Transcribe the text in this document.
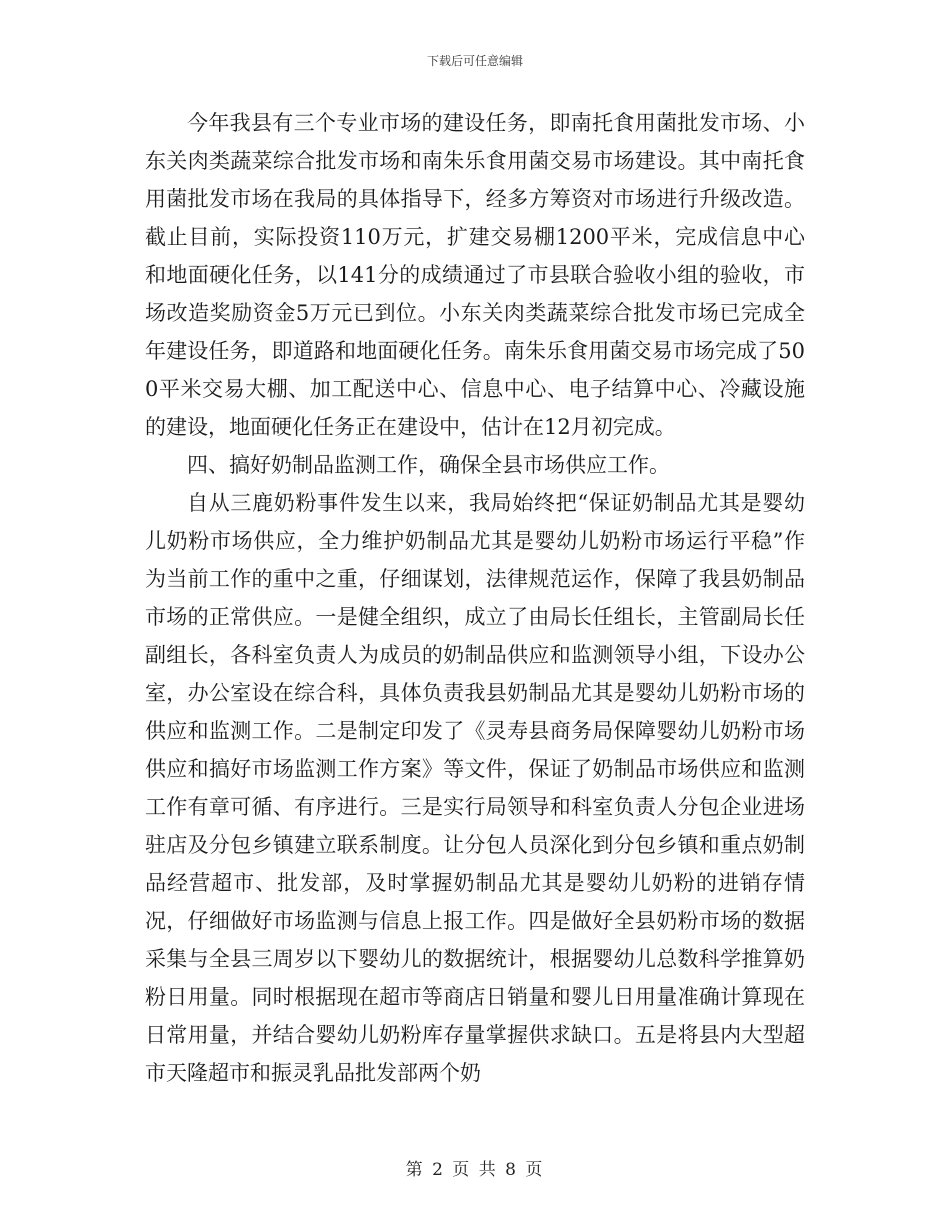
下载后可任意编辑

今年我县有三个专业市场的建设任务，即南托食用菌批发市场、小东关肉类蔬菜综合批发市场和南朱乐食用菌交易市场建设。其中南托食用菌批发市场在我局的具体指导下，经多方筹资对市场进行升级改造。截止目前，实际投资110万元，扩建交易棚1200平米，完成信息中心和地面硬化任务，以141分的成绩通过了市县联合验收小组的验收，市场改造奖励资金5万元已到位。小东关肉类蔬菜综合批发市场已完成全年建设任务，即道路和地面硬化任务。南朱乐食用菌交易市场完成了500平米交易大棚、加工配送中心、信息中心、电子结算中心、冷藏设施的建设，地面硬化任务正在建设中，估计在12月初完成。

四、搞好奶制品监测工作，确保全县市场供应工作。

自从三鹿奶粉事件发生以来，我局始终把“保证奶制品尤其是婴幼儿奶粉市场供应，全力维护奶制品尤其是婴幼儿奶粉市场运行平稳”作为当前工作的重中之重，仔细谋划，法律规范运作，保障了我县奶制品市场的正常供应。一是健全组织，成立了由局长任组长，主管副局长任副组长，各科室负责人为成员的奶制品供应和监测领导小组，下设办公室，办公室设在综合科，具体负责我县奶制品尤其是婴幼儿奶粉市场的供应和监测工作。二是制定印发了《灵寿县商务局保障婴幼儿奶粉市场供应和搞好市场监测工作方案》等文件，保证了奶制品市场供应和监测工作有章可循、有序进行。三是实行局领导和科室负责人分包企业进场驻店及分包乡镇建立联系制度。让分包人员深化到分包乡镇和重点奶制品经营超市、批发部，及时掌握奶制品尤其是婴幼儿奶粉的进销存情况，仔细做好市场监测与信息上报工作。四是做好全县奶粉市场的数据采集与全县三周岁以下婴幼儿的数据统计，根据婴幼儿总数科学推算奶粉日用量。同时根据现在超市等商店日销量和婴儿日用量准确计算现在日常用量，并结合婴幼儿奶粉库存量掌握供求缺口。五是将县内大型超市天隆超市和振灵乳品批发部两个奶

第 2 页 共 8 页
